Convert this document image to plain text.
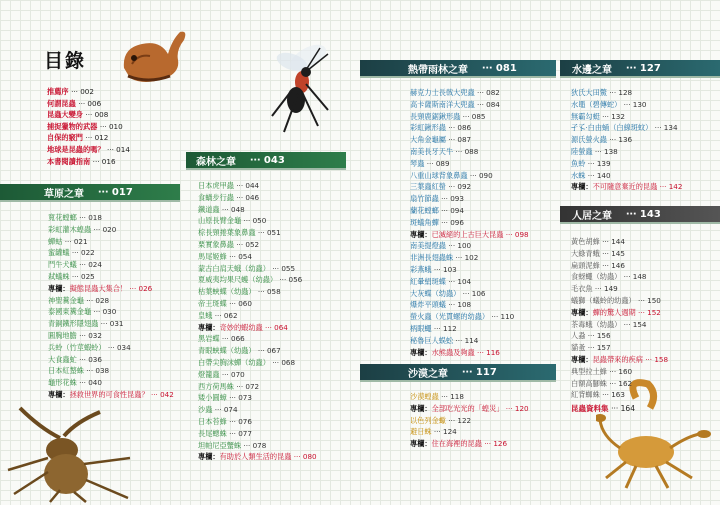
目錄
推薦序 ‧‧‧ 002
何謂昆蟲 ‧‧‧ 006
昆蟲大變身 ‧‧‧ 008
捕捉獵物的武器 ‧‧‧ 010
自保的竅門 ‧‧‧ 012
地球是昆蟲的嗎？ ‧‧‧ 014
本書閱讀指南 ‧‧‧ 016
草原之章 ‧‧‧ 017
寬花螳螂 ‧‧‧ 018
彩虹灌木蝗蟲 ‧‧‧ 020
蟬蛄 ‧‧‧ 021
蜜罐蟻 ‧‧‧ 022
鬥牛犬蟻 ‧‧‧ 024
弒蟻蛛 ‧‧‧ 025
專欄：擬態昆蟲大集合！ ‧‧‧ 026
神聖糞金龜 ‧‧‧ 028
泰國東糞金龜 ‧‧‧ 030
青銅鐵形隱翅蟲 ‧‧‧ 031
圓胸地膽 ‧‧‧ 032
兵蛉（竹莖蝦蛉） ‧‧‧ 034
大食蟲虻 ‧‧‧ 036
日本紅螯蛛 ‧‧‧ 038
龜形花蛛 ‧‧‧ 040
專欄：拯救世界的可食性昆蟲？ ‧‧‧ 042
森林之章 ‧‧‧ 043
日本虎甲蟲 ‧‧‧ 044
食蝸步行蟲 ‧‧‧ 046
鐵道蟲 ‧‧‧ 048
山原長臂金龜 ‧‧‧ 050
棕長頸捲葉象鼻蟲 ‧‧‧ 051
栗實象鼻蟲 ‧‧‧ 052
馬尾姬蜂 ‧‧‧ 054
蒙古白肩天蛾（幼蟲） ‧‧‧ 055
夏威夷均果尺蠖（幼蟲） ‧‧‧ 056
枯葉蛺蝶（幼蟲） ‧‧‧ 058
帝王斑蝶 ‧‧‧ 060
皇蛾 ‧‧‧ 062
專欄：奇妙的蝦幼蟲 ‧‧‧ 064
黑岩蝶 ‧‧‧ 066
青眼蛺蝶（幼蟲） ‧‧‧ 067
白帶尖胸沫蟬（幼蟲） ‧‧‧ 068
燈籠蟲 ‧‧‧ 070
西方荷馬蛛 ‧‧‧ 072
矮小圓蟑 ‧‧‧ 073
沙蟲 ‧‧‧ 074
日本苔蜂 ‧‧‧ 076
長尾蟌蛛 ‧‧‧ 077
坦帕尼亞蟹蛛 ‧‧‧ 078
專欄：有助於人類生活的昆蟲 ‧‧‧ 080
熱帶雨林之章 ‧‧‧ 081
赫克力士長戟大兜蟲 ‧‧‧ 082
高卡薩斯南洋大兜蟲 ‧‧‧ 084
長頸鹿鋸鍬形蟲 ‧‧‧ 085
彩虹鍬形蟲 ‧‧‧ 086
大角金龜屬 ‧‧‧ 087
南美長牙天牛 ‧‧‧ 088
琴蟲 ‧‧‧ 089
八重山球背象鼻蟲 ‧‧‧ 090
三葉蟲紅螢 ‧‧‧ 092
扇竹節蟲 ‧‧‧ 093
蘭花螳螂 ‧‧‧ 094
斑蟻角蟬 ‧‧‧ 096
專欄：已滅絕的上古巨大昆蟲 ‧‧‧ 098
南美提燈蟲 ‧‧‧ 100
非洲長翅蟲蛛 ‧‧‧ 102
彩燕蛾 ‧‧‧ 103
紅暈絹斑蝶 ‧‧‧ 104
大灰蝶（幼蟲） ‧‧‧ 106
爆炸平頭蟻 ‧‧‧ 108
螢火蟲（光貫螺的幼蟲） ‧‧‧ 110
柄眼蠅 ‧‧‧ 112
秘魯巨人蜈蚣 ‧‧‧ 114
專欄：水熊蟲及夠蟲 ‧‧‧ 116
沙漠之章 ‧‧‧ 117
沙漠蝗蟲 ‧‧‧ 118
專欄：全部吃光光的「蝗災」 ‧‧‧ 120
以色列金蠍 ‧‧‧ 122
避日蛛 ‧‧‧ 124
專欄：住在海裡的昆蟲 ‧‧‧ 126
水邊之章 ‧‧‧ 127
狄氏大田鱉 ‧‧‧ 128
水黽（碧傳蛇） ‧‧‧ 130
無霸勾蜓 ‧‧‧ 132
孑孓‧白由蛹（白線斑蚊） ‧‧‧ 134
源氏螢火蟲 ‧‧‧ 136
陸螢蟲 ‧‧‧ 138
魚蛉 ‧‧‧ 139
水蛛 ‧‧‧ 140
專欄：不可隨意棄近的昆蟲 ‧‧‧ 142
人居之章 ‧‧‧ 143
黃色胡蜂 ‧‧‧ 144
大綠青蛾 ‧‧‧ 145
扁頭泥蜂 ‧‧‧ 146
食蚜蠅（幼蟲） ‧‧‧ 148
毛衣魚 ‧‧‧ 149
蟻獅（蟻蛉的幼蟲） ‧‧‧ 150
專欄：蟬的驚人週期 ‧‧‧ 152
茶毒蛾（幼蟲） ‧‧‧ 154
人蝨 ‧‧‧ 156
貓蚤 ‧‧‧ 157
專欄：昆蟲帶來的疾病 ‧‧‧ 158
典型拉土蜂 ‧‧‧ 160
白額高腳蛛 ‧‧‧ 162
紅背蜘蛛 ‧‧‧ 163
昆蟲資料集 ‧‧‧ 164
